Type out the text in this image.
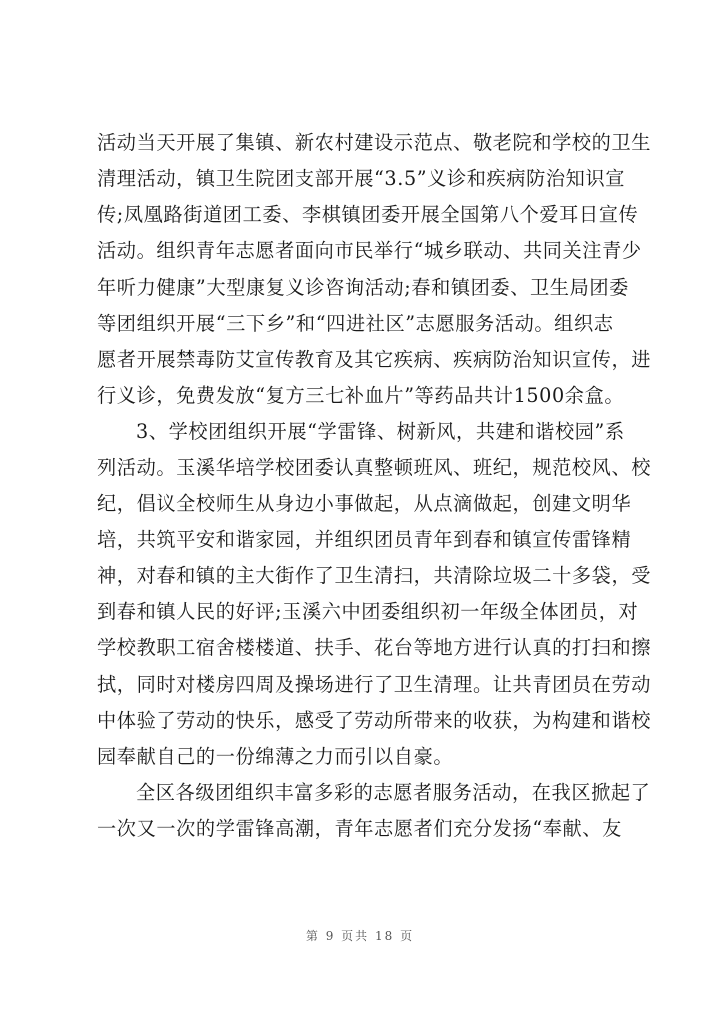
活动当天开展了集镇、新农村建设示范点、敬老院和学校的卫生
清理活动，镇卫生院团支部开展“3.5”义诊和疾病防治知识宣
传;凤凰路街道团工委、李棋镇团委开展全国第八个爱耳日宣传
活动。组织青年志愿者面向市民举行“城乡联动、共同关注青少
年听力健康”大型康复义诊咨询活动;春和镇团委、卫生局团委
等团组织开展“三下乡”和“四进社区”志愿服务活动。组织志
愿者开展禁毒防艾宣传教育及其它疾病、疾病防治知识宣传，进
行义诊，免费发放“复方三七补血片”等药品共计1500余盒。
3、学校团组织开展“学雷锋、树新风，共建和谐校园”系
列活动。玉溪华培学校团委认真整顿班风、班纪，规范校风、校
纪，倡议全校师生从身边小事做起，从点滴做起，创建文明华
培，共筑平安和谐家园，并组织团员青年到春和镇宣传雷锋精
神，对春和镇的主大街作了卫生清扫，共清除垃圾二十多袋，受
到春和镇人民的好评;玉溪六中团委组织初一年级全体团员，对
学校教职工宿舍楼楼道、扶手、花台等地方进行认真的打扫和擦
拭，同时对楼房四周及操场进行了卫生清理。让共青团员在劳动
中体验了劳动的快乐，感受了劳动所带来的收获，为构建和谐校
园奉献自己的一份绵薄之力而引以自豪。
全区各级团组织丰富多彩的志愿者服务活动，在我区掀起了
一次又一次的学雷锋高潮，青年志愿者们充分发扬“奉献、友
第 9 页共 18 页
